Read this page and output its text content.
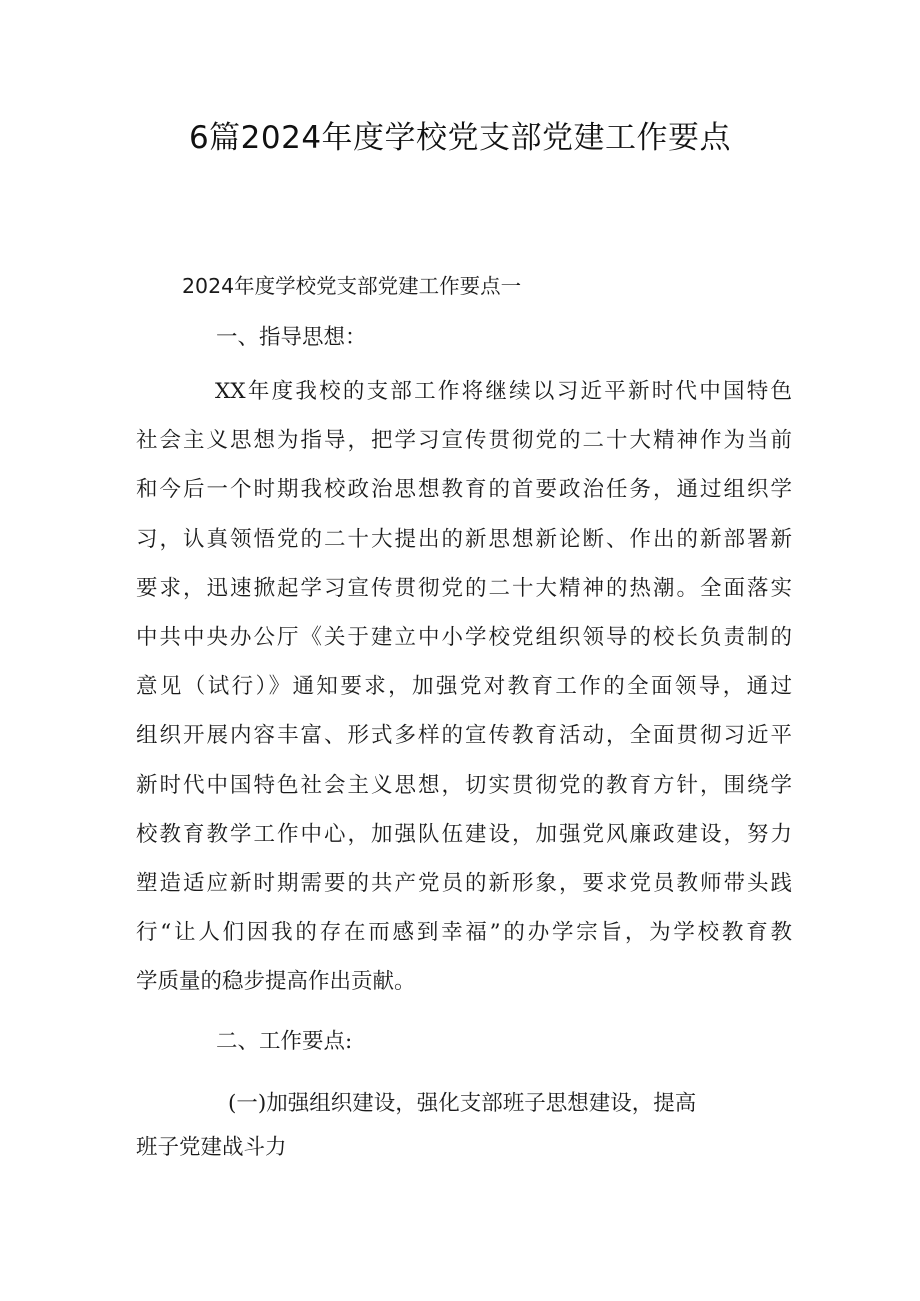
6篇2024年度学校党支部党建工作要点
2024年度学校党支部党建工作要点一
一、指导思想：
XX年度我校的支部工作将继续以习近平新时代中国特色
社会主义思想为指导，把学习宣传贯彻党的二十大精神作为当前
和今后一个时期我校政治思想教育的首要政治任务，通过组织学
习，认真领悟党的二十大提出的新思想新论断、作出的新部署新
要求，迅速掀起学习宣传贯彻党的二十大精神的热潮。全面落实
中共中央办公厅《关于建立中小学校党组织领导的校长负责制的
意见（试行）》通知要求，加强党对教育工作的全面领导，通过
组织开展内容丰富、形式多样的宣传教育活动，全面贯彻习近平
新时代中国特色社会主义思想，切实贯彻党的教育方针，围绕学
校教育教学工作中心，加强队伍建设，加强党风廉政建设，努力
塑造适应新时期需要的共产党员的新形象，要求党员教师带头践
行“让人们因我的存在而感到幸福”的办学宗旨，为学校教育教
学质量的稳步提高作出贡献。
二、工作要点:
(一)加强组织建设，强化支部班子思想建设，提高
班子党建战斗力
